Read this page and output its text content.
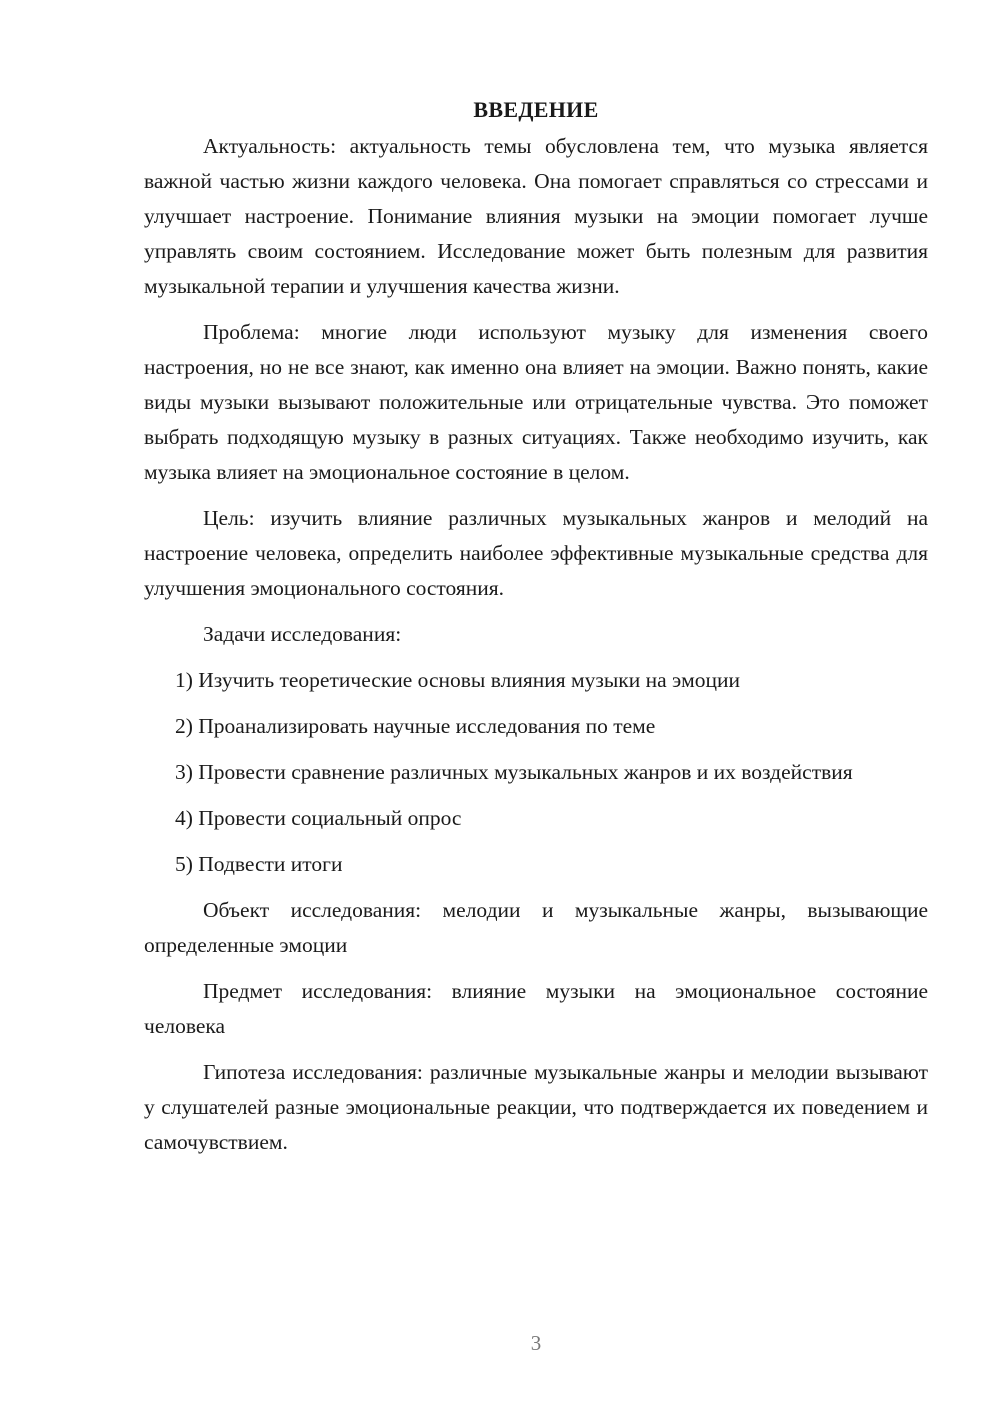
ВВЕДЕНИЕ

Актуальность: актуальность темы обусловлена тем, что музыка является важной частью жизни каждого человека. Она помогает справляться со стрессами и улучшает настроение. Понимание влияния музыки на эмоции помогает лучше управлять своим состоянием. Исследование может быть полезным для развития музыкальной терапии и улучшения качества жизни.

Проблема: многие люди используют музыку для изменения своего настроения, но не все знают, как именно она влияет на эмоции. Важно понять, какие виды музыки вызывают положительные или отрицательные чувства. Это поможет выбрать подходящую музыку в разных ситуациях. Также необходимо изучить, как музыка влияет на эмоциональное состояние в целом.

Цель: изучить влияние различных музыкальных жанров и мелодий на настроение человека, определить наиболее эффективные музыкальные средства для улучшения эмоционального состояния.

Задачи исследования:

1) Изучить теоретические основы влияния музыки на эмоции

2) Проанализировать научные исследования по теме

3) Провести сравнение различных музыкальных жанров и их воздействия

4) Провести социальный опрос

5) Подвести итоги

Объект исследования: мелодии и музыкальные жанры, вызывающие определенные эмоции

Предмет исследования: влияние музыки на эмоциональное состояние человека

Гипотеза исследования: различные музыкальные жанры и мелодии вызывают у слушателей разные эмоциональные реакции, что подтверждается их поведением и самочувствием.

3
